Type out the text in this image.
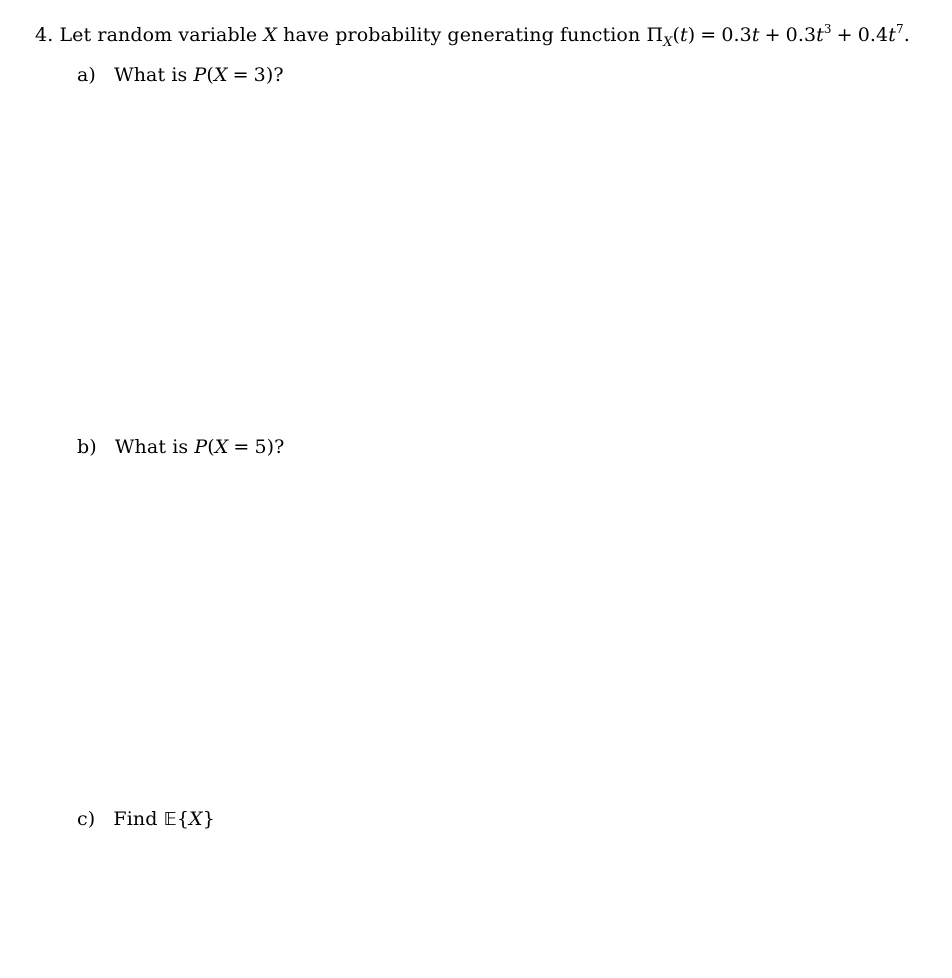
4. Let random variable X have probability generating function $\Pi_X(t) = 0.3t + 0.3t^3 + 0.4t^7$.
a) What is P(X = 3)?
b) What is P(X = 5)?
c) Find 𝔼{X}
